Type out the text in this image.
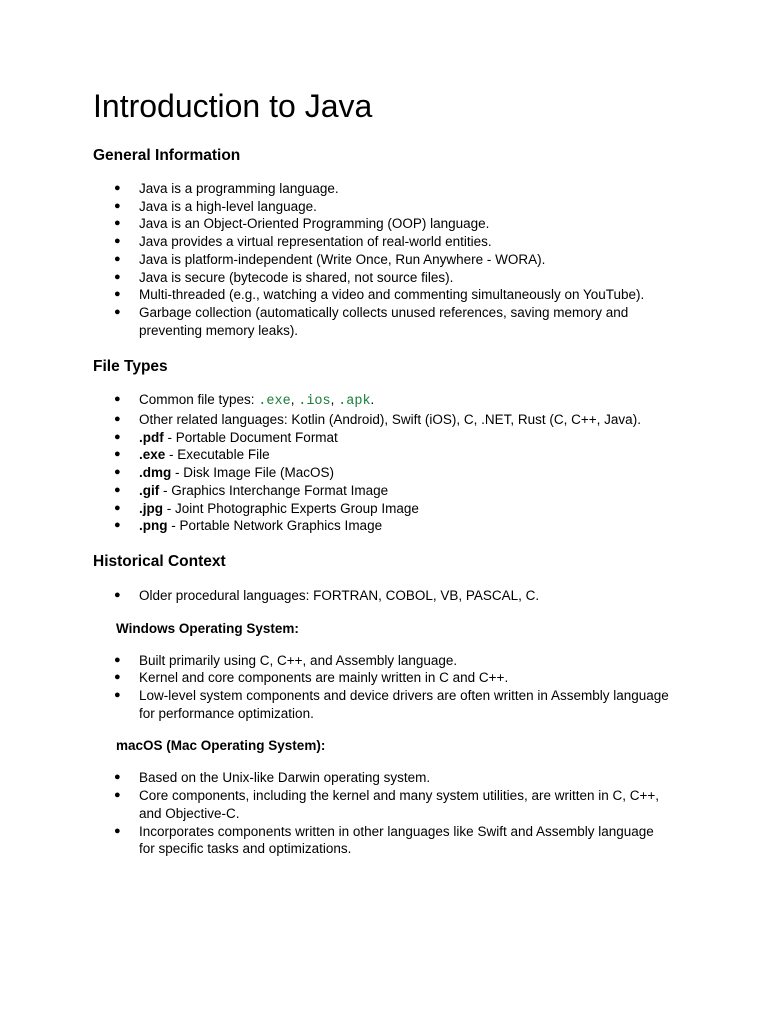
Introduction to Java
General Information
● Java is a programming language.
● Java is a high-level language.
● Java is an Object-Oriented Programming (OOP) language.
● Java provides a virtual representation of real-world entities.
● Java is platform-independent (Write Once, Run Anywhere - WORA).
● Java is secure (bytecode is shared, not source files).
● Multi-threaded (e.g., watching a video and commenting simultaneously on YouTube).
● Garbage collection (automatically collects unused references, saving memory and preventing memory leaks).
File Types
● Common file types: .exe, .ios, .apk.
● Other related languages: Kotlin (Android), Swift (iOS), C, .NET, Rust (C, C++, Java).
● .pdf - Portable Document Format
● .exe - Executable File
● .dmg - Disk Image File (MacOS)
● .gif - Graphics Interchange Format Image
● .jpg - Joint Photographic Experts Group Image
● .png - Portable Network Graphics Image
Historical Context
● Older procedural languages: FORTRAN, COBOL, VB, PASCAL, C.
Windows Operating System:
● Built primarily using C, C++, and Assembly language.
● Kernel and core components are mainly written in C and C++.
● Low-level system components and device drivers are often written in Assembly language for performance optimization.
macOS (Mac Operating System):
● Based on the Unix-like Darwin operating system.
● Core components, including the kernel and many system utilities, are written in C, C++, and Objective-C.
● Incorporates components written in other languages like Swift and Assembly language for specific tasks and optimizations.
